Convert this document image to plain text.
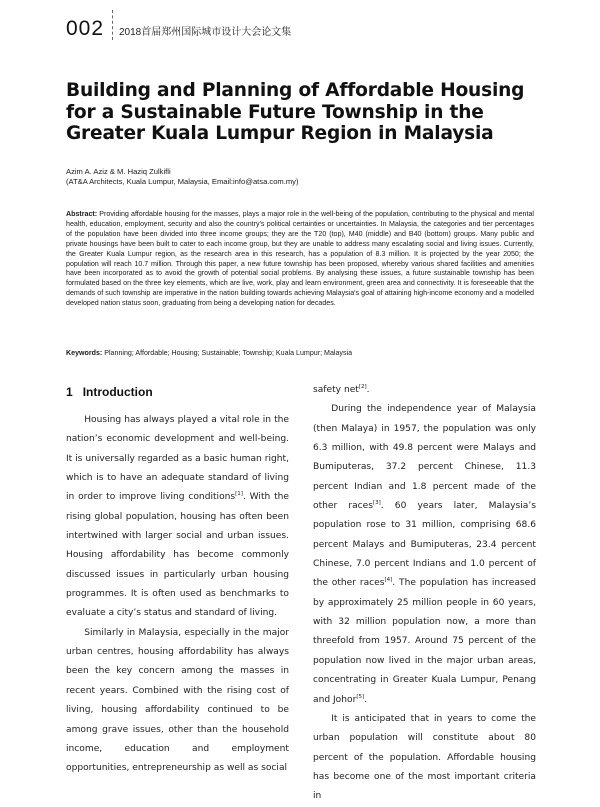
002 2018首届郑州国际城市设计大会论文集
Building and Planning of Affordable Housing for a Sustainable Future Township in the Greater Kuala Lumpur Region in Malaysia
Azim A. Aziz & M. Haziq Zulkifli
(AT&A Architects, Kuala Lumpur, Malaysia, Email:info@atsa.com.my)

Abstract: Providing affordable housing for the masses, plays a major role in the well-being of the population, contributing to the physical and mental health, education, employment, security and also the country's political certainties or uncertainties. In Malaysia, the categories and tier percentages of the population have been divided into three income groups; they are the T20 (top), M40 (middle) and B40 (bottom) groups. Many public and private housings have been built to cater to each income group, but they are unable to address many escalating social and living issues. Currently, the Greater Kuala Lumpur region, as the research area in this research, has a population of 8.3 million. It is projected by the year 2050; the population will reach 10.7 million. Through this paper, a new future township has been proposed, whereby various shared facilities and amenities have been incorporated as to avoid the growth of potential social problems. By analysing these issues, a future sustainable township has been formulated based on the three key elements, which are live, work, play and learn environment, green area and connectivity. It is foreseeable that the demands of such township are imperative in the nation building towards achieving Malaysia's goal of attaining high-income economy and a modelled developed nation status soon, graduating from being a developing nation for decades.

Keywords: Planning; Affordable; Housing; Sustainable; Township; Kuala Lumpur; Malaysia

1 Introduction

Housing has always played a vital role in the nation’s economic development and well-being. It is universally regarded as a basic human right, which is to have an adequate standard of living in order to improve living conditions[1]. With the rising global population, housing has often been intertwined with larger social and urban issues. Housing affordability has become commonly discussed issues in particularly urban housing programmes. It is often used as benchmarks to evaluate a city’s status and standard of living.

Similarly in Malaysia, especially in the major urban centres, housing affordability has always been the key concern among the masses in recent years. Combined with the rising cost of living, housing affordability continued to be among grave issues, other than the household income, education and employment opportunities, entrepreneurship as well as social

safety net[2].

During the independence year of Malaysia (then Malaya) in 1957, the population was only 6.3 million, with 49.8 percent were Malays and Bumiputeras, 37.2 percent Chinese, 11.3 percent Indian and 1.8 percent made of the other races[3]. 60 years later, Malaysia’s population rose to 31 million, comprising 68.6 percent Malays and Bumiputeras, 23.4 percent Chinese, 7.0 percent Indians and 1.0 percent of the other races[4]. The population has increased by approximately 25 million people in 60 years, with 32 million population now, a more than threefold from 1957. Around 75 percent of the population now lived in the major urban areas, concentrating in Greater Kuala Lumpur, Penang and Johor[5].

It is anticipated that in years to come the urban population will constitute about 80 percent of the population. Affordable housing has become one of the most important criteria in
